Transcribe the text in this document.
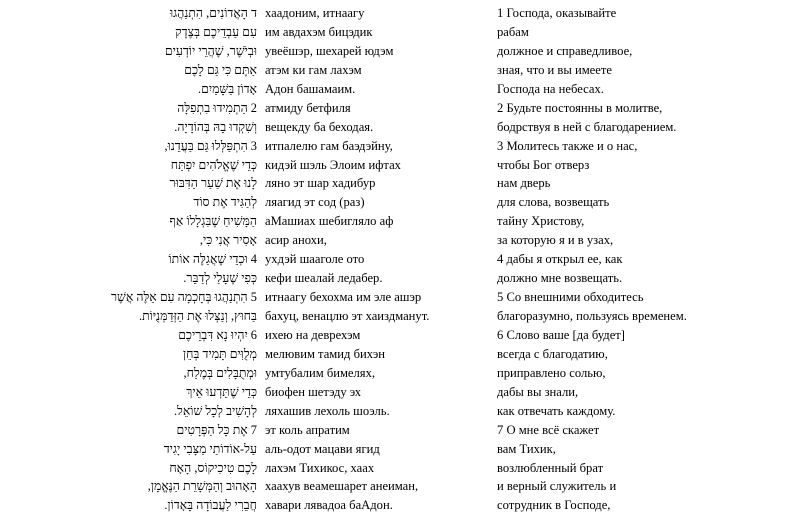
ד הָאֲדוֹנִים, הִתְנַהֲגוּ
עִם עַבְדֵיכֶם בְּצֶדֶק
וּבְיֹשֶׁר, שֶׁהֲרֵי יוֹדְעִים
אַתֶּם כִּי גַּם לָכֶם
אָדוֹן בַּשָּׁמַיִם.
2 הַתְמִידוּ בִתְפִלָּה
וְשִׁקְדוּ בָהּ בְּהוֹדָיָה.
3 הִתְפַּלְּלוּ גַּם בַּעֲדֵנוּ,
כְּדֵי שֶׁאֱלֹהִים יִפְתַּח
לָנוּ אֶת שַׁעַר הַדִּבּוּר
לְהַגִּיד אֶת סוֹד
הַמָּשִׁיחַ שֶׁבִּגְלָלוֹ אַף
אָסִיר אֲנִי כִּי,
4 וּכְדֵי שֶׁאֲגַלֶּה אוֹתוֹ
כְּפִי שֶׁעָלַי לְדַבֵּר.
5 הִתְנַהֲגוּ בְּחָכְמָה עִם אֵלֶּה אֲשֶׁר
בַּחוּץ, וְנַצְּלוּ אֶת הַזְּדַמְּנֻיּוֹת.
6 יִהְיוּ נָא דִּבְרֵיכֶם
מְלֻוִּים תָּמִיד בְּחֵן
וּמְתֻבָּלִים בְּמֶלַח,
כְּדֵי שֶׁתֵּדְעוּ אֵיךְ
לְהָשִׁיב לְכָל שׁוֹאֵל.
7 אֶת כָּל הַפְּרָטִים
עַל-אוֹדוֹתַי מַצָּבִי יָגִיד
לָכֶם טִיכִיקוֹס, הָאָח
הָאָהוּב וְהַמְּשָׁרֵת הַנֶּאֱמָן,
חֲבֵרִי לַעֲבוֹדָה בָּאָדוֹן.
хаадоним, итнаагу
им авдахэм бицэдик
увеёшэр, шехарей юдэм
атэм ки гам лахэм
Адон башамаим.
атмиду бетфиля
вещекду ба беходая.
итпалелю гам баэдэйну,
кидэй шэль Элоим ифтах
ляно эт шар хадибур
ляагид эт сод (раз)
аМашиах шебигляло аф
асир анохи,
ухдэй шааголе ото
кефи шеалай ледабер.
итнаагу бехохма им эле ашэр
бахуц, венацлю эт хаиздманут.
ихею на деврехэм
мелювим тамид бихэн
умтубалим бимелях,
биофен шетэду эх
ляхашив лехоль шоэль.
эт коль апратим
аль-одот мацави ягид
лахэм Тихикос, хаах
хаахув веамешарет анеиман,
хавари лявадоа баАдон.
1 Господа, оказывайте
рабам
должное и справедливое,
зная, что и вы имеете
Господа на небесах.
2 Будьте постоянны в молитве,
бодрствуя в ней с благодарением.
3 Молитесь также и о нас,
чтобы Бог отверз
нам дверь
для слова, возвещать
тайну Христову,
за которую я и в узах,
4 дабы я открыл ее, как
должно мне возвещать.
5 Со внешними обходитесь
благоразумно, пользуясь временем.
6 Слово ваше [да будет]
всегда с благодатию,
приправлено солью,
дабы вы знали,
как отвечать каждому.
7 О мне всё скажет
вам Тихик,
возлюбленный брат
и верный служитель и
сотрудник в Господе,
